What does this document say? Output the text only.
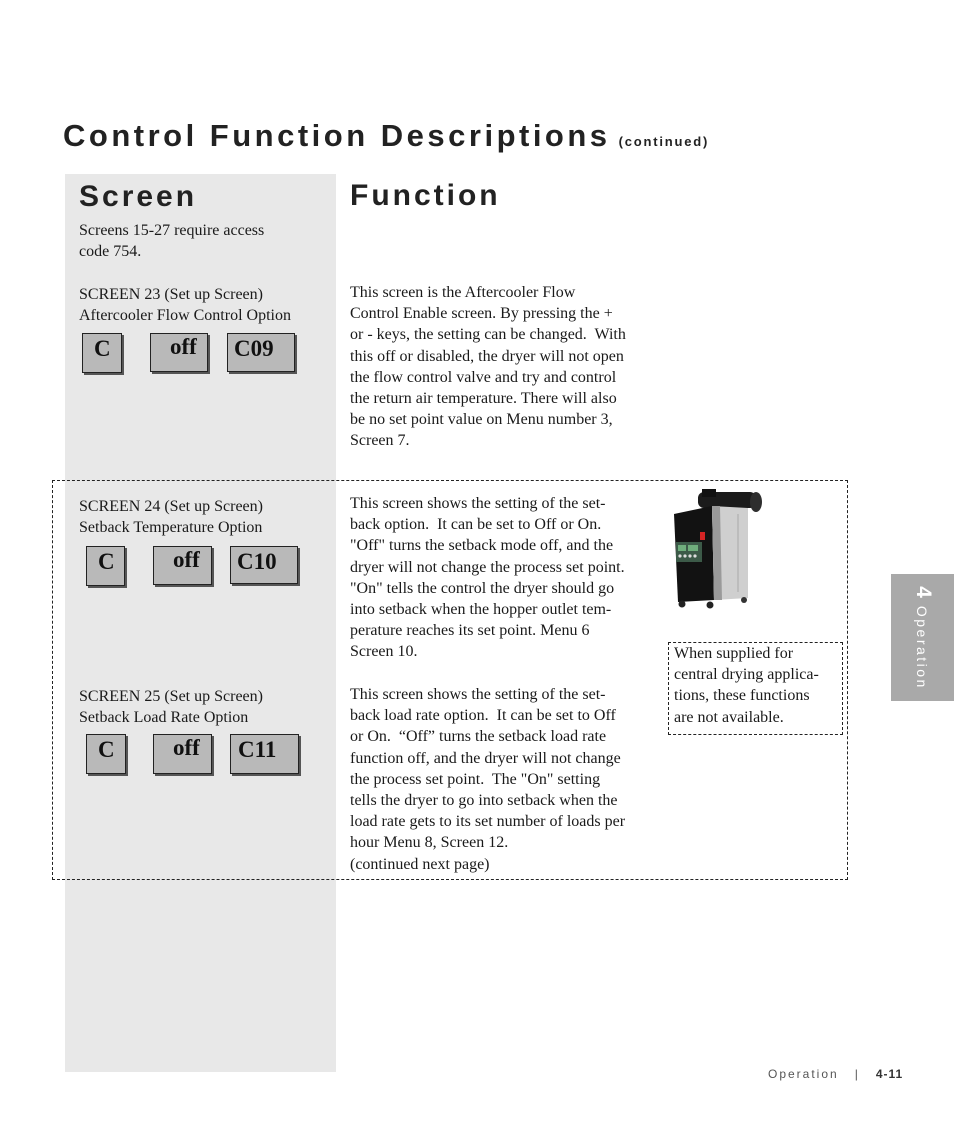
Control Function Descriptions (continued)
Screen	Function
Screens 15-27 require access
code 754.
SCREEN 23 (Set up Screen)
Aftercooler Flow Control Option
C	off	C09
This screen is the Aftercooler Flow
Control Enable screen. By pressing the +
or - keys, the setting can be changed.  With
this off or disabled, the dryer will not open
the flow control valve and try and control
the return air temperature. There will also
be no set point value on Menu number 3,
Screen 7.
SCREEN 24 (Set up Screen)
Setback Temperature Option
C	off	C10
This screen shows the setting of the set-
back option.  It can be set to Off or On.
"Off" turns the setback mode off, and the
dryer will not change the process set point.
"On" tells the control the dryer should go
into setback when the hopper outlet tem-
perature reaches its set point. Menu 6
Screen 10.
SCREEN 25 (Set up Screen)
Setback Load Rate Option
C	off	C11
This screen shows the setting of the set-
back load rate option.  It can be set to Off
or On.  “Off” turns the setback load rate
function off, and the dryer will not change
the process set point.  The "On" setting
tells the dryer to go into setback when the
load rate gets to its set number of loads per
hour Menu 8, Screen 12.
(continued next page)
When supplied for
central drying applica-
tions, these functions
are not available.
4Operation
Operation | 4-11
